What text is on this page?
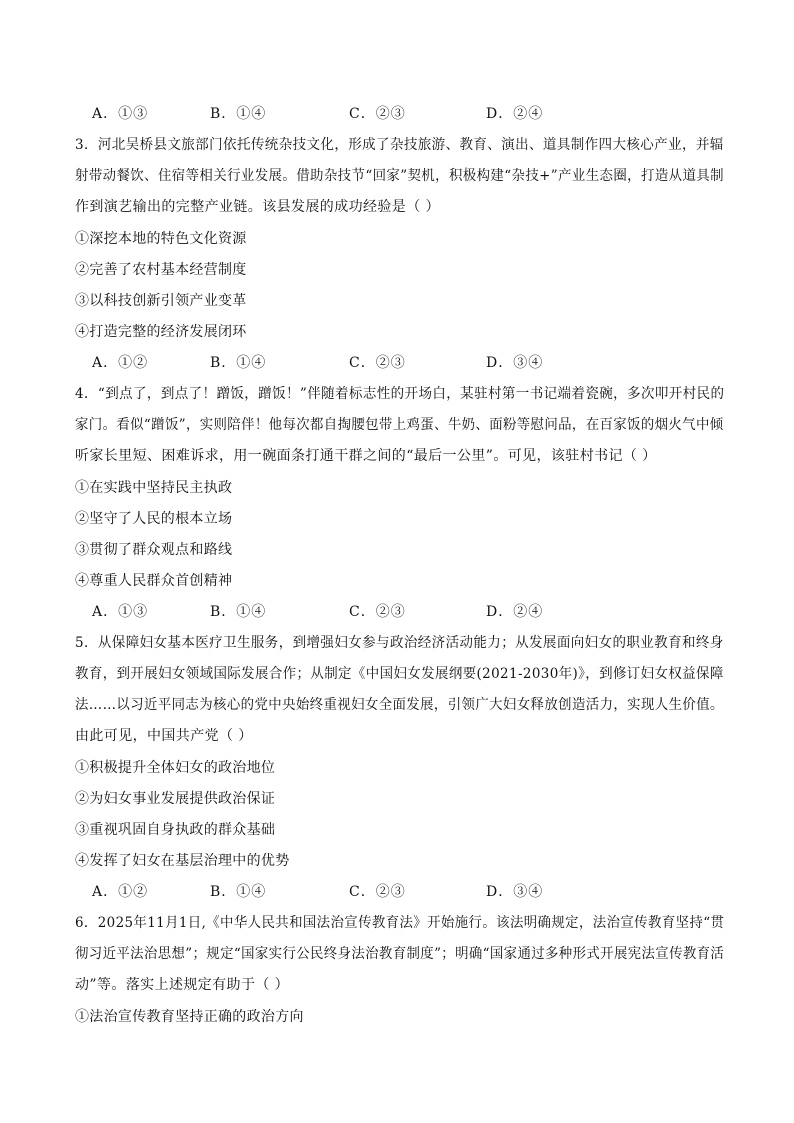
A．①③	B．①④	C．②③	D．②④
3．河北吴桥县文旅部门依托传统杂技文化，形成了杂技旅游、教育、演出、道具制作四大核心产业，并辐
射带动餐饮、住宿等相关行业发展。借助杂技节“回家”契机，积极构建“杂技+”产业生态圈，打造从道具制
作到演艺输出的完整产业链。该县发展的成功经验是（ ）
①深挖本地的特色文化资源
②完善了农村基本经营制度
③以科技创新引领产业变革
④打造完整的经济发展闭环
A．①②	B．①④	C．②③	D．③④
4．“到点了，到点了！蹭饭，蹭饭！”伴随着标志性的开场白，某驻村第一书记端着瓷碗，多次叩开村民的
家门。看似“蹭饭”，实则陪伴！他每次都自掏腰包带上鸡蛋、牛奶、面粉等慰问品，在百家饭的烟火气中倾
听家长里短、困难诉求，用一碗面条打通干群之间的“最后一公里”。可见，该驻村书记（ ）
①在实践中坚持民主执政
②坚守了人民的根本立场
③贯彻了群众观点和路线
④尊重人民群众首创精神
A．①③	B．①④	C．②③	D．②④
5．从保障妇女基本医疗卫生服务，到增强妇女参与政治经济活动能力；从发展面向妇女的职业教育和终身
教育，到开展妇女领域国际发展合作；从制定《中国妇女发展纲要(2021-2030年)》，到修订妇女权益保障
法……以习近平同志为核心的党中央始终重视妇女全面发展，引领广大妇女释放创造活力，实现人生价值。
由此可见，中国共产党（ ）
①积极提升全体妇女的政治地位
②为妇女事业发展提供政治保证
③重视巩固自身执政的群众基础
④发挥了妇女在基层治理中的优势
A．①②	B．①④	C．②③	D．③④
6．2025年11月1日,《中华人民共和国法治宣传教育法》开始施行。该法明确规定，法治宣传教育坚持“贯
彻习近平法治思想”；规定“国家实行公民终身法治教育制度”；明确“国家通过多种形式开展宪法宣传教育活
动”等。落实上述规定有助于（ ）
①法治宣传教育坚持正确的政治方向
